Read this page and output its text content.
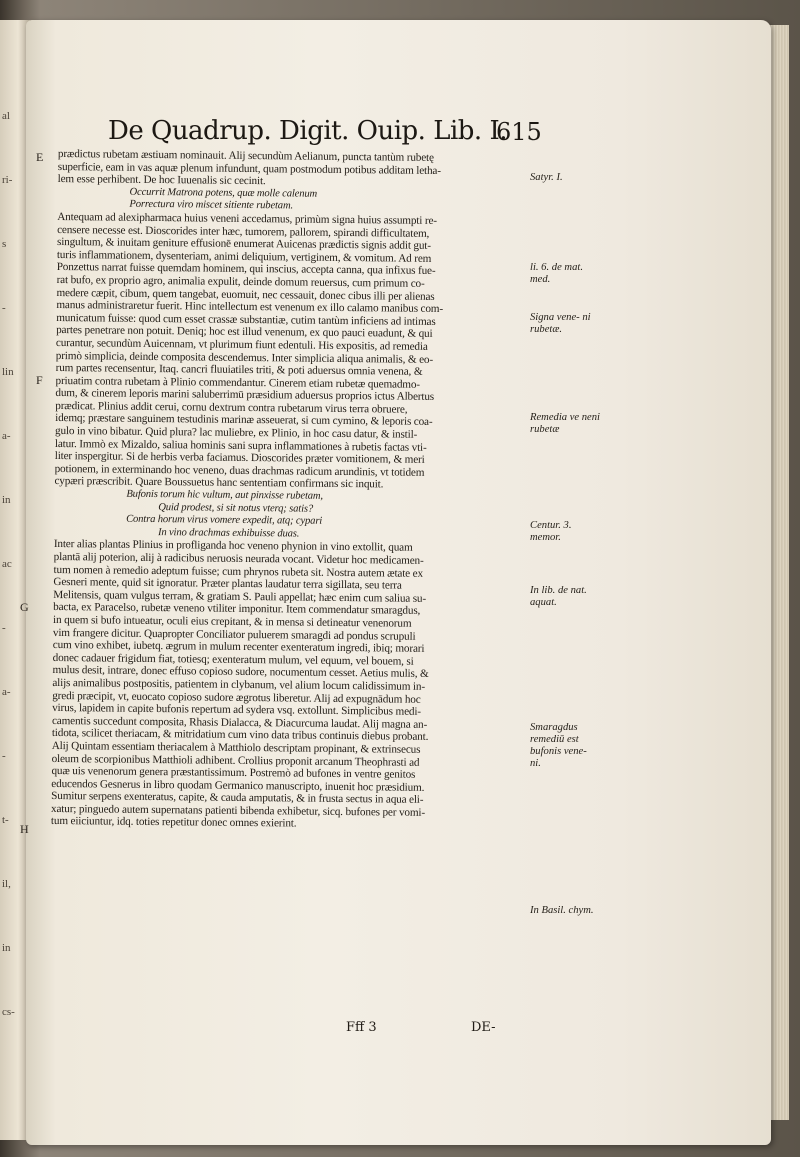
al
ri-
s
-
lin
a-
in
ac
-
a-
-
t-
il,
in
cs-
De Quadrup. Digit. Ouip. Lib. I.
615
prædictus rubetam æstiuam nominauit. Alij secundùm Aelianum, puncta tantùm rubetę
superficie, eam in vas aquæ plenum infundunt, quam postmodum potibus additam letha-
lem esse perhibent. De hoc Iuuenalis sic cecinit.
Occurrit Matrona potens, quæ molle calenum
Porrectura viro miscet sitiente rubetam.
Antequam ad alexipharmaca huius veneni accedamus, primùm signa huius assumpti re-
censere necesse est. Dioscorides inter hæc, tumorem, pallorem, spirandi difficultatem,
singultum, & inuitam geniture effusionē enumerat Auicenas prædictis signis addit gut-
turis inflammationem, dysenteriam, animi deliquium, vertiginem, & vomitum. Ad rem
Ponzettus narrat fuisse quemdam hominem, qui inscius, accepta canna, qua infixus fue-
rat bufo, ex proprio agro, animalia expulit, deinde domum reuersus, cum primum co-
medere cæpit, cibum, quem tangebat, euomuit, nec cessauit, donec cibus illi per alienas
manus administraretur fuerit. Hinc intellectum est venenum ex illo calamo manibus com-
municatum fuisse: quod cum esset crassæ substantiæ, cutim tantùm inficiens ad intimas
partes penetrare non potuit. Deniq; hoc est illud venenum, ex quo pauci euadunt, & qui
curantur, secundùm Auicennam, vt plurimum fiunt edentuli. His expositis, ad remedia
primò simplicia, deinde composita descendemus. Inter simplicia aliqua animalis, & eo-
rum partes recensentur, Itaq. cancri fluuiatiles triti, & poti aduersus omnia venena, &
priuatim contra rubetam à Plinio commendantur. Cinerem etiam rubetæ quemadmo-
dum, & cinerem leporis marini saluberrimū præsidium aduersus proprios ictus Albertus
prædicat. Plinius addit cerui, cornu dextrum contra rubetarum virus terra obruere,
idemq; præstare sanguinem testudinis marinæ asseuerat, si cum cymino, & leporis coa-
gulo in vino bibatur. Quid plura? lac muliebre, ex Plinio, in hoc casu datur, & instil-
latur. Immò ex Mizaldo, saliua hominis sani supra inflammationes à rubetis factas vti-
liter inspergitur. Si de herbis verba faciamus. Dioscorides præter vomitionem, & meri
potionem, in exterminando hoc veneno, duas drachmas radicum arundinis, vt totidem
cypæri præscribit. Quare Boussuetus hanc sententiam confirmans sic inquit.
Bufonis torum hic vultum, aut pinxisse rubetam,
Quid prodest, si sit notus vterq; satis?
Contra horum virus vomere expedit, atq; cypari
In vino drachmas exhibuisse duas.
Inter alias plantas Plinius in profliganda hoc veneno phynion in vino extollit, quam
plantā alij poterion, alij à radicibus neruosis neurada vocant. Videtur hoc medicamen-
tum nomen à remedio adeptum fuisse; cum phrynos rubeta sit. Nostra autem ætate ex
Gesneri mente, quid sit ignoratur. Præter plantas laudatur terra sigillata, seu terra
Melitensis, quam vulgus terram, & gratiam S. Pauli appellat; hæc enim cum saliua su-
bacta, ex Paracelso, rubetæ veneno vtiliter imponitur. Item commendatur smaragdus,
in quem si bufo intueatur, oculi eius crepitant, & in mensa si detineatur venenorum
vim frangere dicitur. Quapropter Conciliator puluerem smaragdi ad pondus scrupuli
cum vino exhibet, iubetq. ægrum in mulum recenter exenteratum ingredi, ibiq; morari
donec cadauer frigidum fiat, totiesq; exenteratum mulum, vel equum, vel bouem, si
mulus desit, intrare, donec effuso copioso sudore, nocumentum cesset. Aetius mulis, &
alijs animalibus postpositis, patientem in clybanum, vel alium locum calidissimum in-
gredi præcipit, vt, euocato copioso sudore ægrotus liberetur. Alij ad expugnādum hoc
virus, lapidem in capite bufonis repertum ad sydera vsq. extollunt. Simplicibus medi-
camentis succedunt composita, Rhasis Dialacca, & Diacurcuma laudat. Alij magna an-
tidota, scilicet theriacam, & mitridatium cum vino data tribus continuis diebus probant.
Alij Quintam essentiam theriacalem à Matthiolo descriptam propinant, & extrinsecus
oleum de scorpionibus Matthioli adhibent. Crollius proponit arcanum Theophrasti ad
quæ uis venenorum genera præstantissimum. Postremò ad bufones in ventre genitos
educendos Gesnerus in libro quodam Germanico manuscripto, inuenit hoc præsidium.
Sumitur serpens exenteratus, capite, & cauda amputatis, & in frusta sectus in aqua eli-
xatur; pinguedo autem supernatans patienti bibenda exhibetur, sicq. bufones per vomi-
tum eiiciuntur, idq. toties repetitur donec omnes exierint.
Satyr. I.
li. 6. de mat. med.
Signa vene- ni rubetæ.
Remedia ve neni rubetæ
Centur. 3. memor.
In lib. de nat. aquat.
Smaragdus remediū est bufonis vene- ni.
In Basil. chym.
E
F
G
H
Fff 3	DE-
